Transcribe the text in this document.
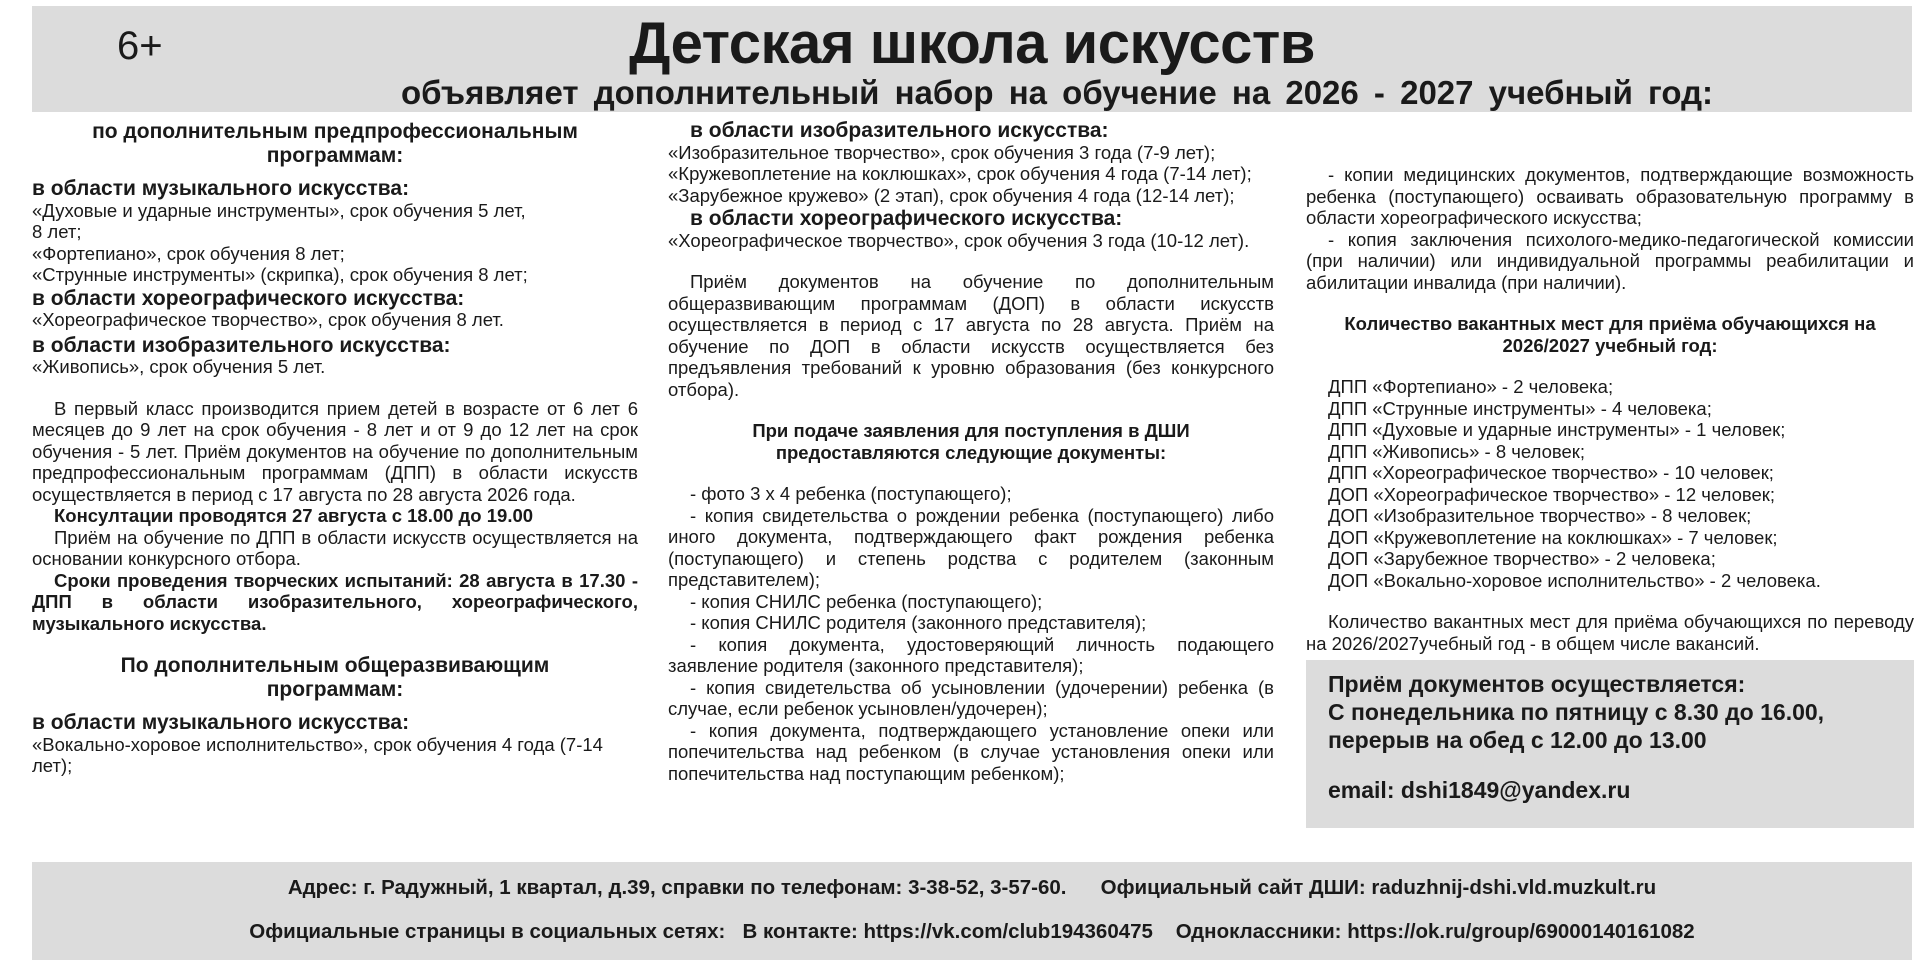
6+	Детская школа искусств
объявляет дополнительный набор на обучение на 2026 - 2027 учебный год:

по дополнительным предпрофессиональным программам:

в области музыкального искусства:

«Духовые и ударные инструменты», срок обучения 5 лет,

8 лет;

«Фортепиано», срок обучения 8 лет;

«Струнные инструменты» (скрипка), срок обучения 8 лет;

в области хореографического искусства:

«Хореографическое творчество», срок обучения 8 лет.

в области изобразительного искусства:

«Живопись», срок обучения 5 лет.

В первый класс производится прием детей в возрасте от 6 лет 6 месяцев до 9 лет на срок обучения - 8 лет и от 9 до 12 лет на срок обучения - 5 лет. Приём документов на обучение по дополнительным предпрофессиональным программам (ДПП) в области искусств осуществляется в период с 17 августа по 28 августа 2026 года.

Консултации проводятся 27 августа с 18.00 до 19.00

Приём на обучение по ДПП в области искусств осуществляется на основании конкурсного отбора.

Сроки проведения творческих испытаний: 28 августа в 17.30 - ДПП в области изобразительного, хореографического, музыкального искусства.

По дополнительным общеразвивающим программам:

в области музыкального искусства:

«Вокально-хоровое исполнительство», срок обучения 4 года (7-14 лет);

в области изобразительного искусства:

«Изобразительное творчество», срок обучения 3 года (7-9 лет);

«Кружевоплетение на коклюшках», срок обучения 4 года (7-14 лет);

«Зарубежное кружево» (2 этап), срок обучения 4 года (12-14 лет);

в области хореографического искусства:

«Хореографическое творчество», срок обучения 3 года (10-12 лет).

Приём документов на обучение по дополнительным общеразвивающим программам (ДОП) в области искусств осуществляется в период с 17 августа по 28 августа. Приём на обучение по ДОП в области искусств осуществляется без предъявления требований к уровню образования (без конкурсного отбора).

При подаче заявления для поступления в ДШИ предоставляются следующие документы:

- фото 3 х 4 ребенка (поступающего);

- копия свидетельства о рождении ребенка (поступающего) либо иного документа, подтверждающего факт рождения ребенка (поступающего) и степень родства с родителем (законным представителем);

- копия СНИЛС ребенка (поступающего);

- копия СНИЛС родителя (законного представителя);

- копия документа, удостоверяющий личность подающего заявление родителя (законного представителя);

- копия свидетельства об усыновлении (удочерении) ребенка (в случае, если ребенок усыновлен/удочерен);

- копия документа, подтверждающего установление опеки или попечительства над ребенком (в случае установления опеки или попечительства над поступающим ребенком);

- копии медицинских документов, подтверждающие возможность ребенка (поступающего) осваивать образовательную программу в области хореографического искусства;

- копия заключения психолого-медико-педагогической комиссии (при наличии) или индивидуальной программы реабилитации и абилитации инвалида (при наличии).

Количество вакантных мест для приёма обучающихся на 2026/2027 учебный год:

ДПП «Фортепиано» - 2 человека;

ДПП «Струнные инструменты» - 4 человека;

ДПП «Духовые и ударные инструменты» - 1 человек;

ДПП «Живопись» - 8 человек;

ДПП «Хореографическое творчество» - 10 человек;

ДОП «Хореографическое творчество» - 12 человек;

ДОП «Изобразительное творчество» - 8 человек;

ДОП «Кружевоплетение на коклюшках» - 7 человек;

ДОП «Зарубежное творчество» - 2 человека;

ДОП «Вокально-хоровое исполнительство» - 2 человека.

Количество вакантных мест для приёма обучающихся по переводу на 2026/2027учебный год - в общем числе вакансий.

Приём документов осуществляется:
С понедельника по пятницу с 8.30 до 16.00,
перерыв на обед с 12.00 до 13.00
email: dshi1849@yandex.ru
Адрес: г. Радужный, 1 квартал, д.39, справки по телефонам: 3-38-52, 3-57-60. Официальный сайт ДШИ: raduzhnij-dshi.vld.muzkult.ru
Официальные страницы в социальных сетях: В контакте: https://vk.com/club194360475 Одноклассники: https://ok.ru/group/69000140161082
